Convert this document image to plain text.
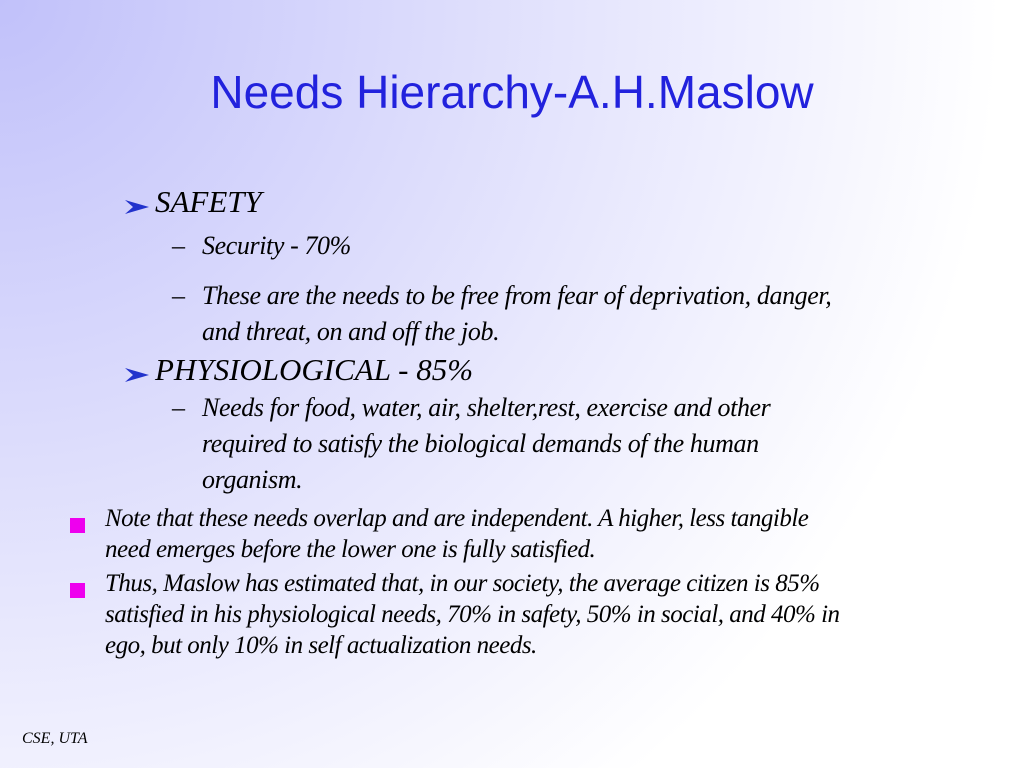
Needs Hierarchy-A.H.Maslow
SAFETY
– Security - 70%
– These are the needs to be free from fear of deprivation, danger,
and threat, on and off the job.
PHYSIOLOGICAL - 85%
– Needs for food, water, air, shelter,rest, exercise and other
required to satisfy the biological demands of the human
organism.
Note that these needs overlap and are independent. A higher, less tangible
need emerges before the lower one is fully satisfied.
Thus, Maslow has estimated that, in our society, the average citizen is 85%
satisfied in his physiological needs, 70% in safety, 50% in social, and 40% in
ego, but only 10% in self actualization needs.
CSE, UTA
